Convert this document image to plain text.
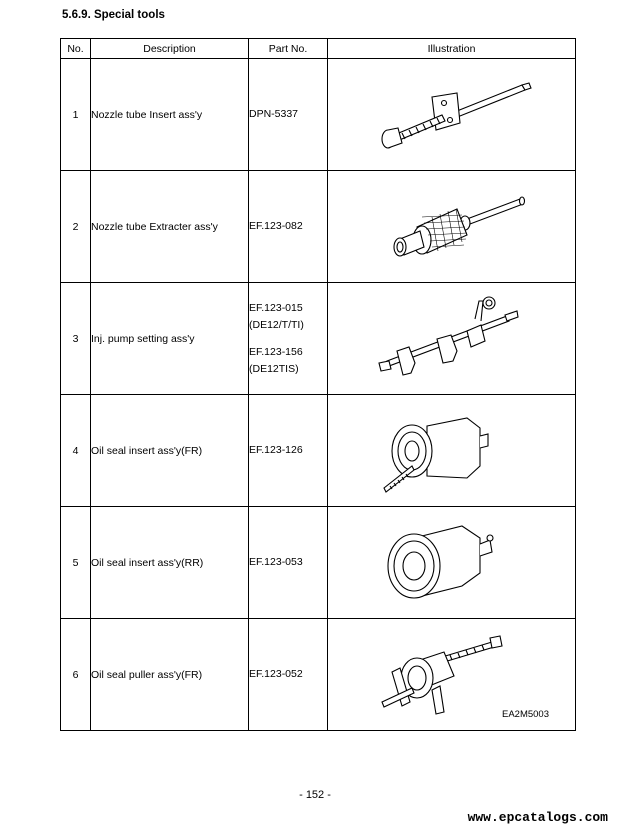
5.6.9. Special tools
No.	Description	Part No.	Illustration
1	Nozzle tube Insert ass'y	DPN-5337	

2	Nozzle tube Extracter ass'y	EF.123-082	

3	Inj. pump setting ass'y	EF.123-015
(DE12/T/TI)
EF.123-156
(DE12TIS)

4	Oil seal insert ass'y(FR)	EF.123-126	

5	Oil seal insert ass'y(RR)	EF.123-053	

6	Oil seal puller ass'y(FR)	EF.123-052	EA2M5003
- 152 -
www.epcatalogs.com
